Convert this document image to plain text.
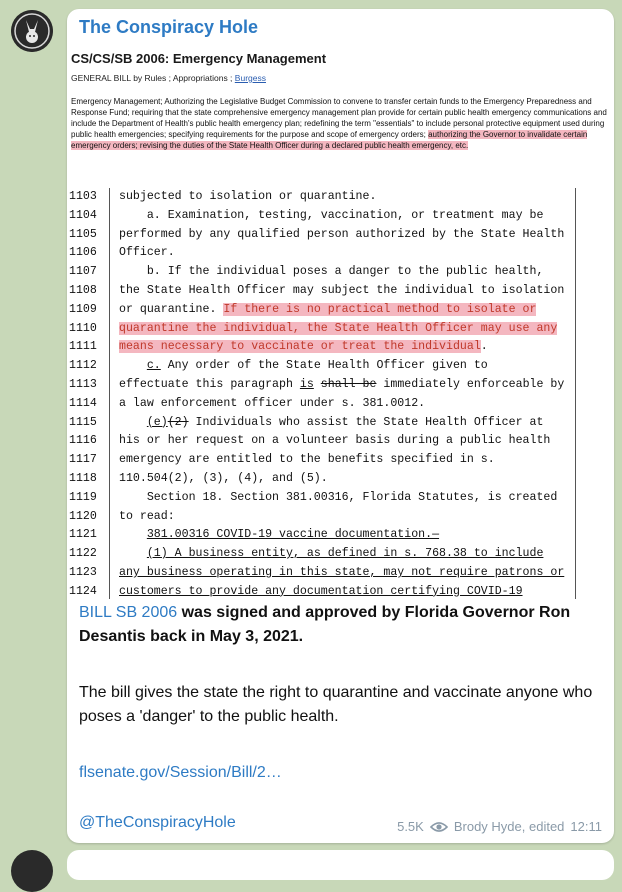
The Conspiracy Hole
CS/CS/SB 2006: Emergency Management
GENERAL BILL by Rules ; Appropriations ; Burgess
Emergency Management; Authorizing the Legislative Budget Commission to convene to transfer certain funds to the Emergency Preparedness and Response Fund; requiring that the state comprehensive emergency management plan provide for certain public health emergency communications and include the Department of Health's public health emergency plan; redefining the term "essentials" to include personal protective equipment used during public health emergencies; specifying requirements for the purpose and scope of emergency orders; authorizing the Governor to invalidate certain emergency orders; revising the duties of the State Health Officer during a declared public health emergency, etc.
1103	subjected to isolation or quarantine.
1104	a. Examination, testing, vaccination, or treatment may be
1105	performed by any qualified person authorized by the State Health
1106	Officer.
1107	b. If the individual poses a danger to the public health,
1108	the State Health Officer may subject the individual to isolation
1109	or quarantine. If there is no practical method to isolate or
1110	quarantine the individual, the State Health Officer may use any
1111	means necessary to vaccinate or treat the individual.
1112	c. Any order of the State Health Officer given to
1113	effectuate this paragraph is shall be immediately enforceable by
1114	a law enforcement officer under s. 381.0012.
1115	(e)(2) Individuals who assist the State Health Officer at
1116	his or her request on a volunteer basis during a public health
1117	emergency are entitled to the benefits specified in s.
1118	110.504(2), (3), (4), and (5).
1119	Section 18. Section 381.00316, Florida Statutes, is created
1120	to read:
1121	381.00316 COVID-19 vaccine documentation.—
1122	(1) A business entity, as defined in s. 768.38 to include
1123	any business operating in this state, may not require patrons or
1124	customers to provide any documentation certifying COVID-19
BILL SB 2006 was signed and approved by Florida Governor Ron Desantis back in May 3, 2021.
The bill gives the state the right to quarantine and vaccinate anyone who poses a 'danger' to the public health.
flsenate.gov/Session/Bill/2…
@TheConspiracyHole	5.5K Brody Hyde, edited 12:11
